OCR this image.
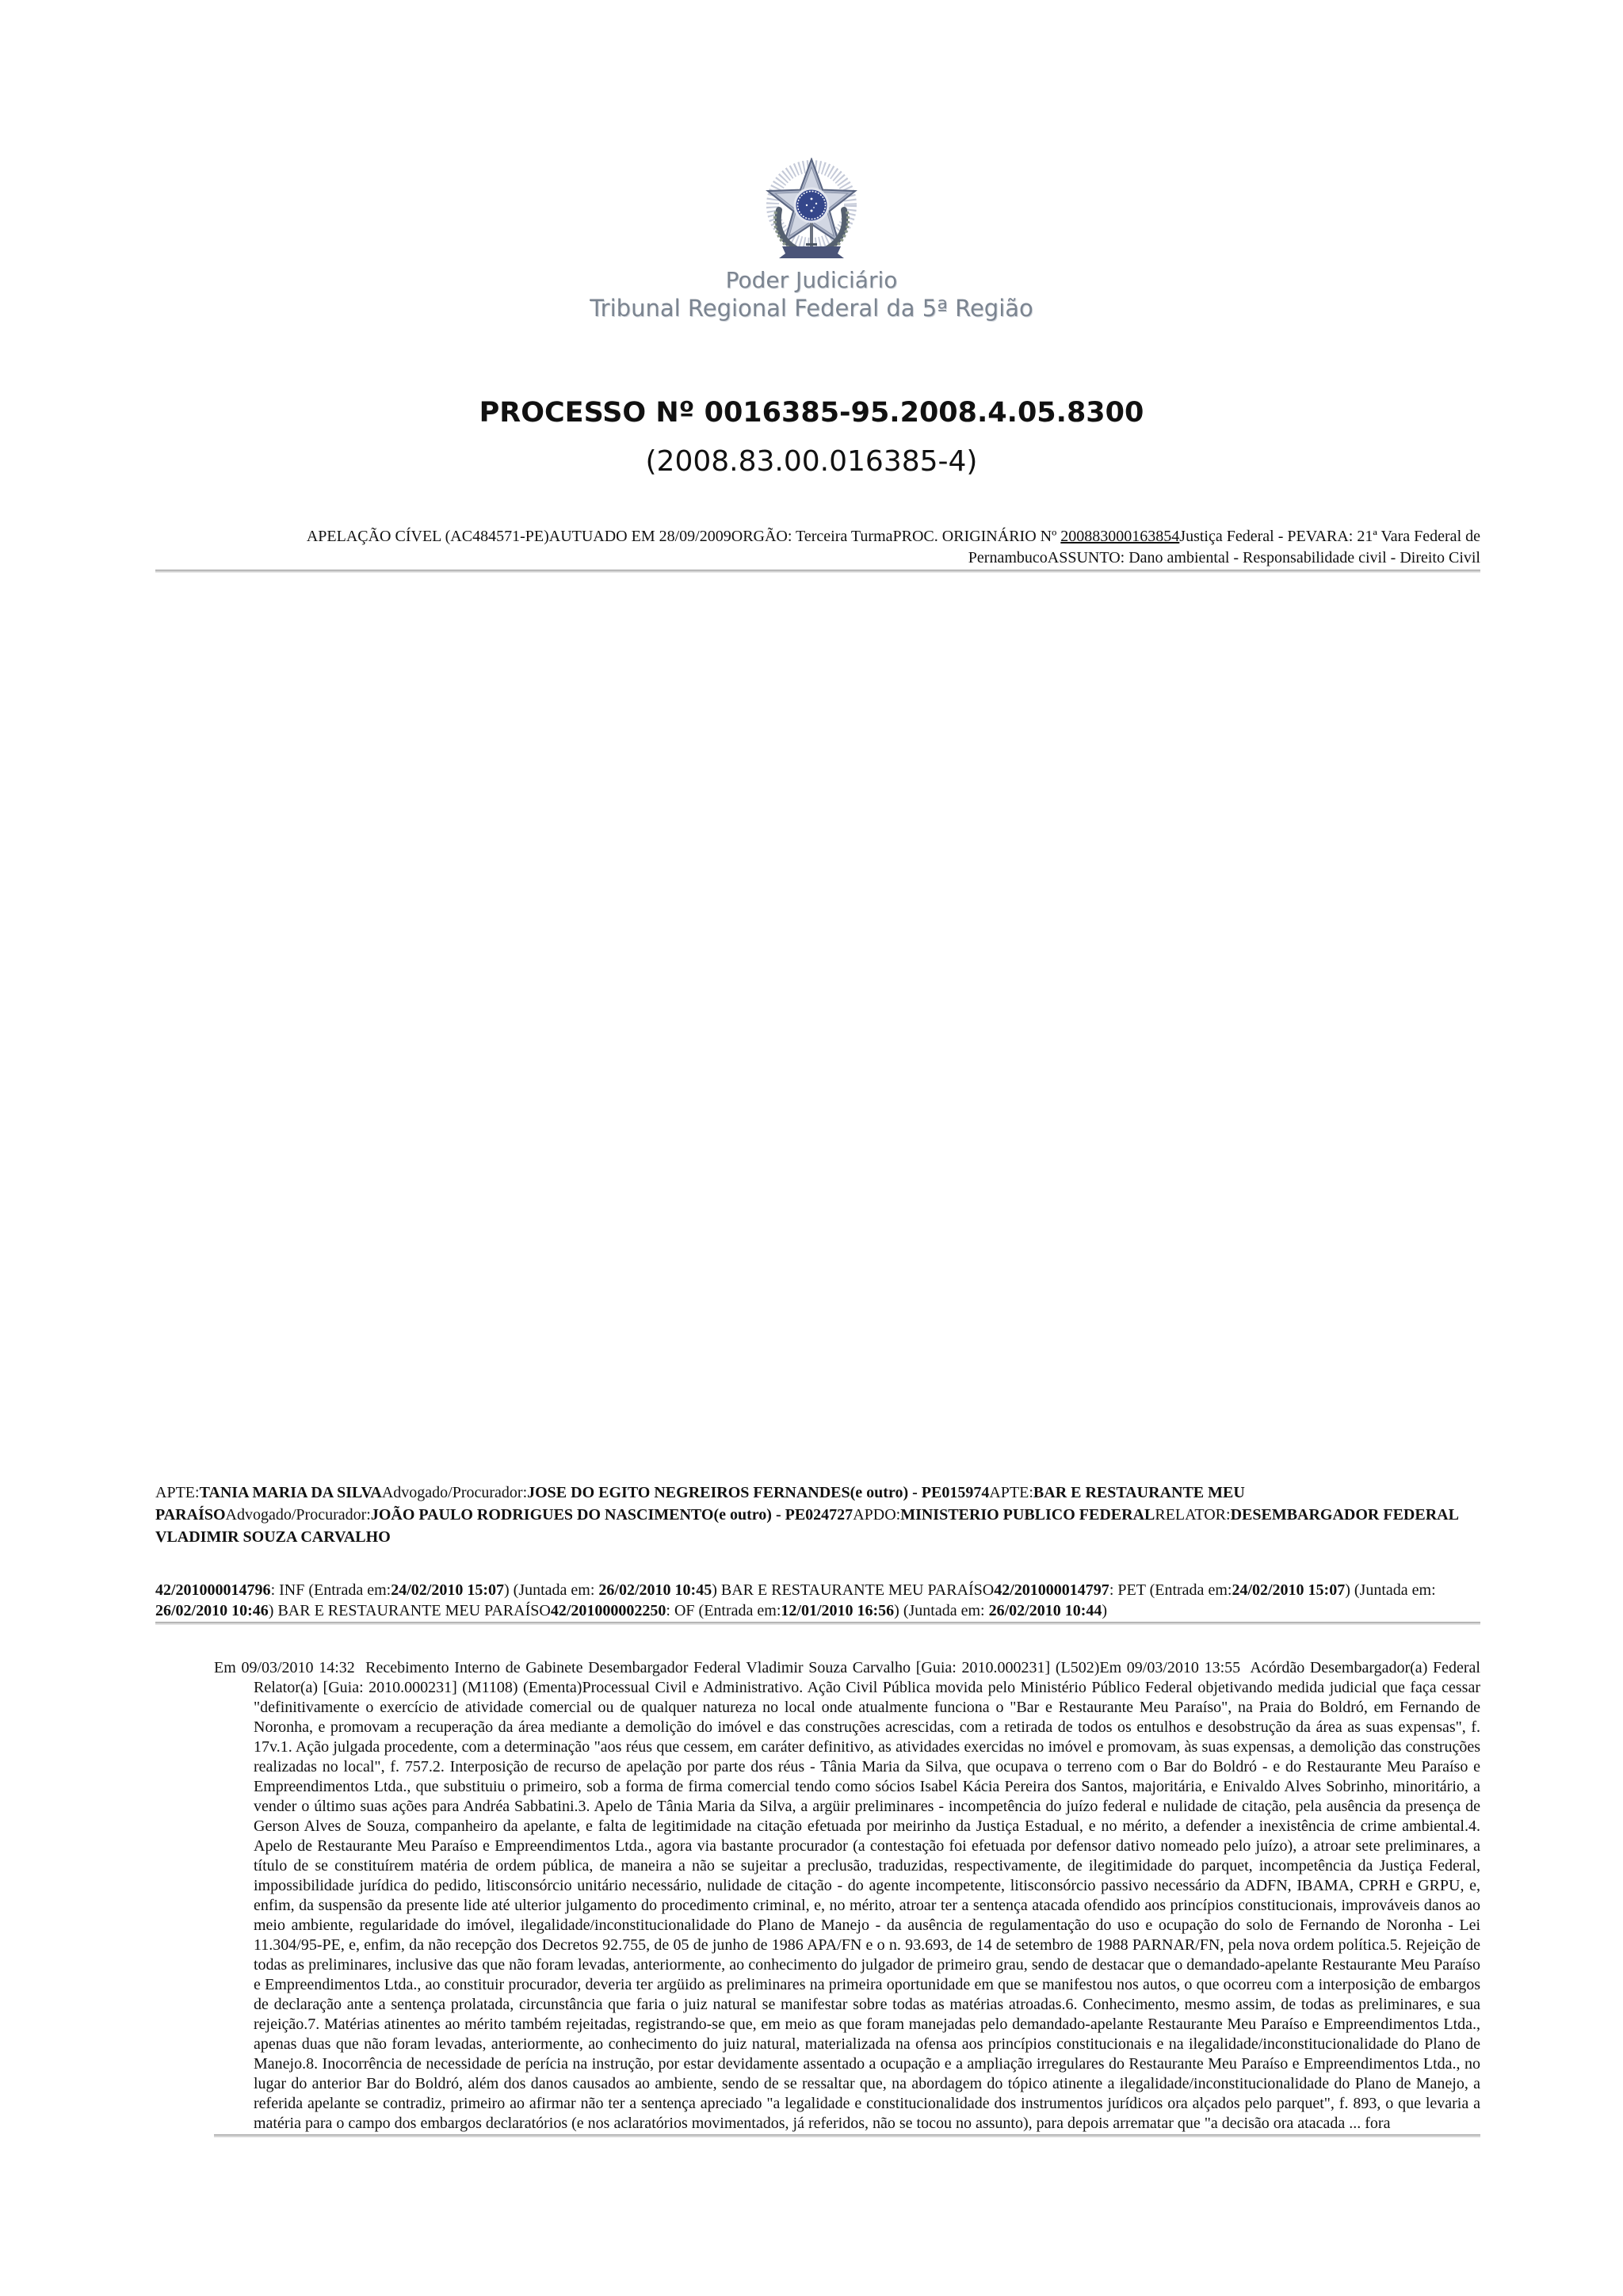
Poder Judiciário
Tribunal Regional Federal da 5ª Região
PROCESSO Nº 0016385-95.2008.4.05.8300
(2008.83.00.016385-4)
APELAÇÃO CÍVEL (AC484571-PE)AUTUADO EM 28/09/2009ORGÃO: Terceira TurmaPROC. ORIGINÁRIO Nº 200883000163854Justiça Federal - PEVARA: 21ª Vara Federal de PernambucoASSUNTO: Dano ambiental - Responsabilidade civil - Direito Civil
APTE:TANIA MARIA DA SILVAAdvogado/Procurador:JOSE DO EGITO NEGREIROS FERNANDES(e outro) - PE015974APTE:BAR E RESTAURANTE MEU PARAÍSOAdvogado/Procurador:JOÃO PAULO RODRIGUES DO NASCIMENTO(e outro) - PE024727APDO:MINISTERIO PUBLICO FEDERALRELATOR:DESEMBARGADOR FEDERAL VLADIMIR SOUZA CARVALHO
42/201000014796: INF (Entrada em:24/02/2010 15:07) (Juntada em: 26/02/2010 10:45) BAR E RESTAURANTE MEU PARAÍSO42/201000014797: PET (Entrada em:24/02/2010 15:07) (Juntada em: 26/02/2010 10:46) BAR E RESTAURANTE MEU PARAÍSO42/201000002250: OF (Entrada em:12/01/2010 16:56) (Juntada em: 26/02/2010 10:44)

Em 09/03/2010 14:32  Recebimento Interno de Gabinete Desembargador Federal Vladimir Souza Carvalho [Guia: 2010.000231] (L502)Em 09/03/2010 13:55  Acórdão Desembargador(a) Federal Relator(a) [Guia: 2010.000231] (M1108) (Ementa)Processual Civil e Administrativo. Ação Civil Pública movida pelo Ministério Público Federal objetivando medida judicial que faça cessar "definitivamente o exercício de atividade comercial ou de qualquer natureza no local onde atualmente funciona o "Bar e Restaurante Meu Paraíso", na Praia do Boldró, em Fernando de Noronha, e promovam a recuperação da área mediante a demolição do imóvel e das construções acrescidas, com a retirada de todos os entulhos e desobstrução da área as suas expensas", f. 17v.1. Ação julgada procedente, com a determinação "aos réus que cessem, em caráter definitivo, as atividades exercidas no imóvel e promovam, às suas expensas, a demolição das construções realizadas no local", f. 757.2. Interposição de recurso de apelação por parte dos réus - Tânia Maria da Silva, que ocupava o terreno com o Bar do Boldró - e do Restaurante Meu Paraíso e Empreendimentos Ltda., que substituiu o primeiro, sob a forma de firma comercial tendo como sócios Isabel Kácia Pereira dos Santos, majoritária, e Enivaldo Alves Sobrinho, minoritário, a vender o último suas ações para Andréa Sabbatini.3. Apelo de Tânia Maria da Silva, a argüir preliminares - incompetência do juízo federal e nulidade de citação, pela ausência da presença de Gerson Alves de Souza, companheiro da apelante, e falta de legitimidade na citação efetuada por meirinho da Justiça Estadual, e no mérito, a defender a inexistência de crime ambiental.4. Apelo de Restaurante Meu Paraíso e Empreendimentos Ltda., agora via bastante procurador (a contestação foi efetuada por defensor dativo nomeado pelo juízo), a atroar sete preliminares, a título de se constituírem matéria de ordem pública, de maneira a não se sujeitar a preclusão, traduzidas, respectivamente, de ilegitimidade do parquet, incompetência da Justiça Federal, impossibilidade jurídica do pedido, litisconsórcio unitário necessário, nulidade de citação - do agente incompetente, litisconsórcio passivo necessário da ADFN, IBAMA, CPRH e GRPU, e, enfim, da suspensão da presente lide até ulterior julgamento do procedimento criminal, e, no mérito, atroar ter a sentença atacada ofendido aos princípios constitucionais, improváveis danos ao meio ambiente, regularidade do imóvel, ilegalidade/inconstitucionalidade do Plano de Manejo - da ausência de regulamentação do uso e ocupação do solo de Fernando de Noronha - Lei 11.304/95-PE, e, enfim, da não recepção dos Decretos 92.755, de 05 de junho de 1986 APA/FN e o n. 93.693, de 14 de setembro de 1988 PARNAR/FN, pela nova ordem política.5. Rejeição de todas as preliminares, inclusive das que não foram levadas, anteriormente, ao conhecimento do julgador de primeiro grau, sendo de destacar que o demandado-apelante Restaurante Meu Paraíso e Empreendimentos Ltda., ao constituir procurador, deveria ter argüido as preliminares na primeira oportunidade em que se manifestou nos autos, o que ocorreu com a interposição de embargos de declaração ante a sentença prolatada, circunstância que faria o juiz natural se manifestar sobre todas as matérias atroadas.6. Conhecimento, mesmo assim, de todas as preliminares, e sua rejeição.7. Matérias atinentes ao mérito também rejeitadas, registrando-se que, em meio as que foram manejadas pelo demandado-apelante Restaurante Meu Paraíso e Empreendimentos Ltda., apenas duas que não foram levadas, anteriormente, ao conhecimento do juiz natural, materializada na ofensa aos princípios constitucionais e na ilegalidade/inconstitucionalidade do Plano de Manejo.8. Inocorrência de necessidade de perícia na instrução, por estar devidamente assentado a ocupação e a ampliação irregulares do Restaurante Meu Paraíso e Empreendimentos Ltda., no lugar do anterior Bar do Boldró, além dos danos causados ao ambiente, sendo de se ressaltar que, na abordagem do tópico atinente a ilegalidade/inconstitucionalidade do Plano de Manejo, a referida apelante se contradiz, primeiro ao afirmar não ter a sentença apreciado "a legalidade e constitucionalidade dos instrumentos jurídicos ora alçados pelo parquet", f. 893, o que levaria a matéria para o campo dos embargos declaratórios (e nos aclaratórios movimentados, já referidos, não se tocou no assunto), para depois arrematar que "a decisão ora atacada ... fora
